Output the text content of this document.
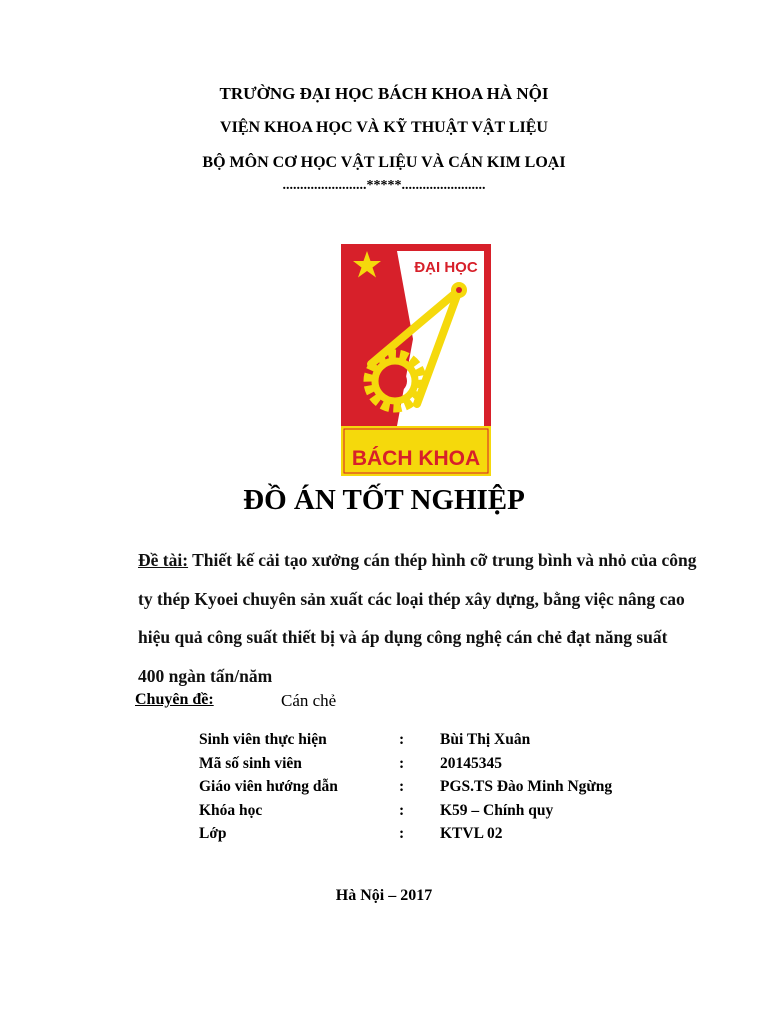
TRƯỜNG ĐẠI HỌC BÁCH KHOA HÀ NỘI
VIỆN KHOA HỌC VÀ KỸ THUẬT VẬT LIỆU
BỘ MÔN CƠ HỌC VẬT LIỆU VÀ CÁN KIM LOẠI
........................*****........................
ĐẠI HỌC
BÁCH KHOA
ĐỒ ÁN TỐT NGHIỆP
Đề tài: Thiết kế cải tạo xưởng cán thép hình cỡ trung bình và nhỏ của công ty thép Kyoei chuyên sản xuất các loại thép xây dựng, bằng việc nâng cao hiệu quả công suất thiết bị và áp dụng công nghệ cán chẻ đạt năng suất 400 ngàn tấn/năm
Chuyên đề:	Cán chẻ
Sinh viên thực hiện	: Bùi Thị Xuân
Mã số sinh viên	: 20145345
Giáo viên hướng dẫn	: PGS.TS Đào Minh Ngừng
Khóa học	: K59 – Chính quy
Lớp	: KTVL 02
Hà Nội – 2017
